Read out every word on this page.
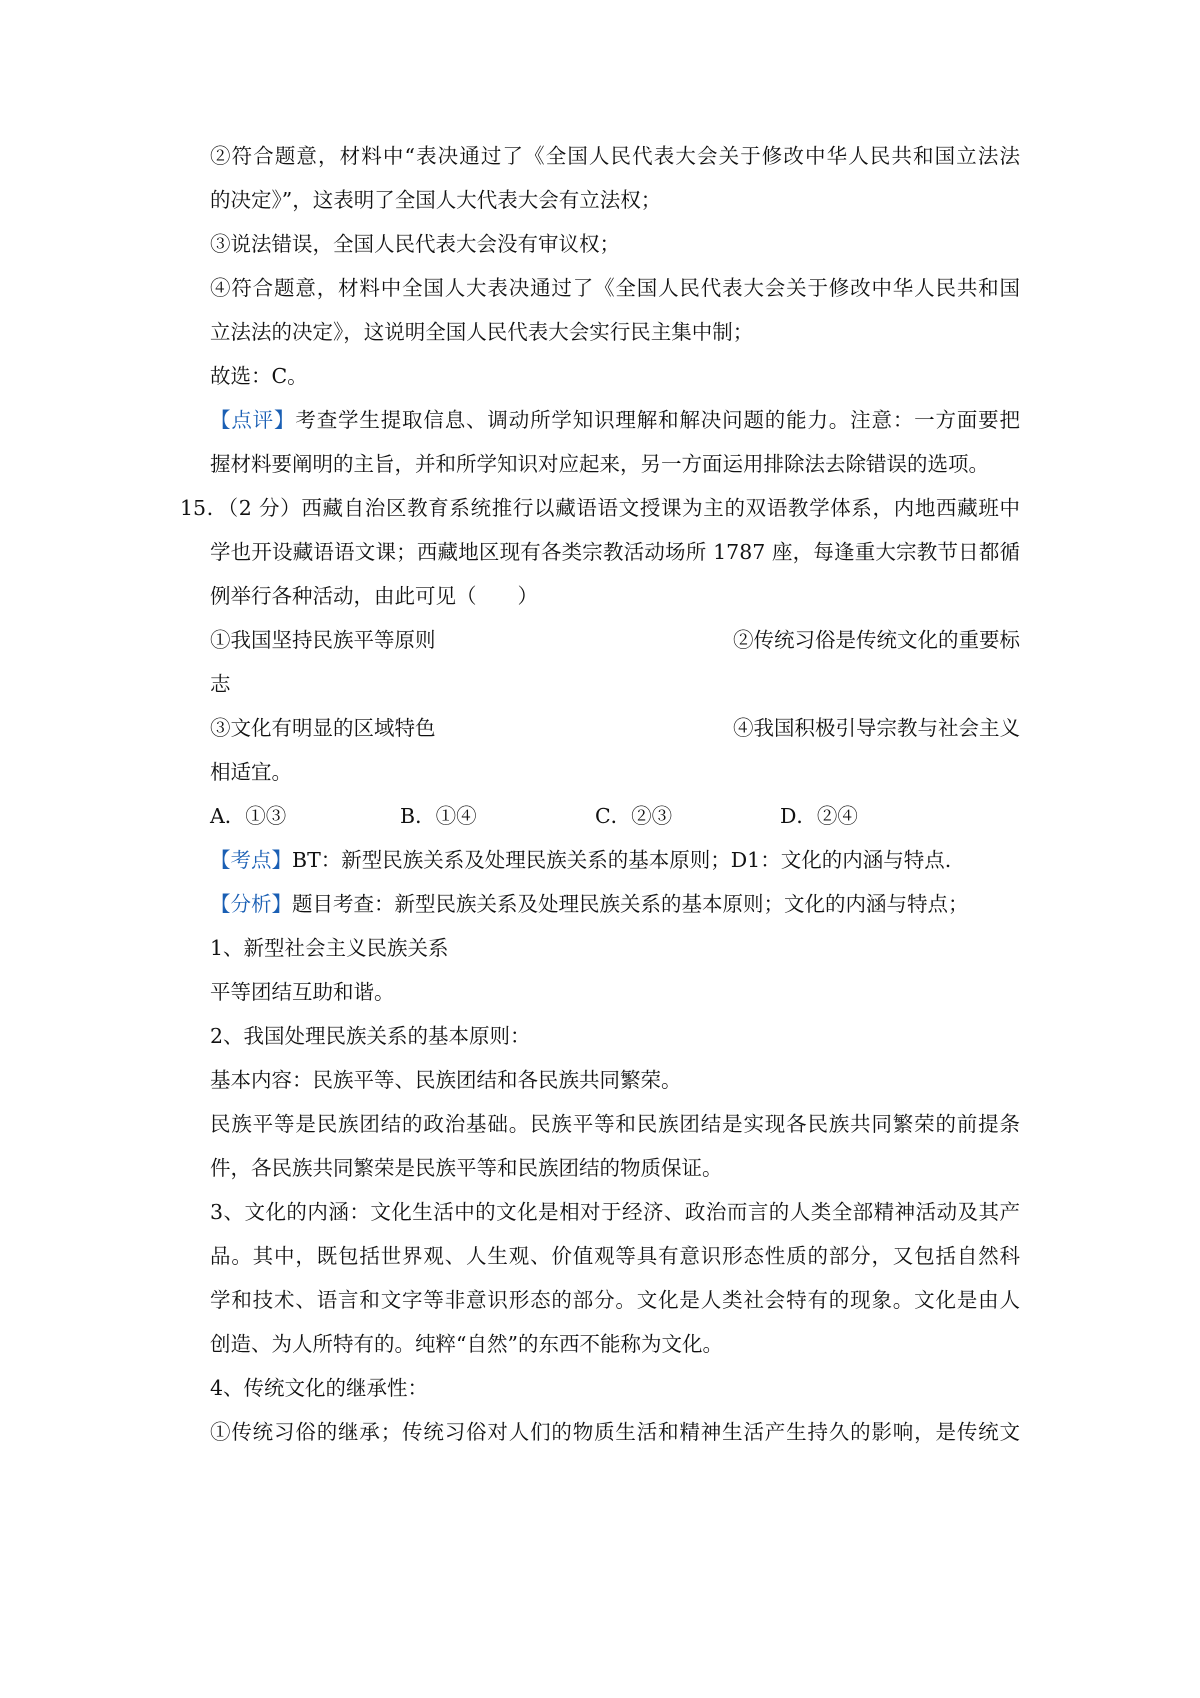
②符合题意，材料中“表决通过了《全国人民代表大会关于修改中华人民共和国立法法
的决定》”，这表明了全国人大代表大会有立法权；
③说法错误，全国人民代表大会没有审议权；
④符合题意，材料中全国人大表决通过了《全国人民代表大会关于修改中华人民共和国
立法法的决定》，这说明全国人民代表大会实行民主集中制；
故选：C。
【点评】考查学生提取信息、调动所学知识理解和解决问题的能力。注意：一方面要把
握材料要阐明的主旨，并和所学知识对应起来，另一方面运用排除法去除错误的选项。
15．（2 分）西藏自治区教育系统推行以藏语语文授课为主的双语教学体系，内地西藏班中
学也开设藏语语文课；西藏地区现有各类宗教活动场所 1787 座，每逢重大宗教节日都循
例举行各种活动，由此可见（　　）
①我国坚持民族平等原则	②传统习俗是传统文化的重要标
志
③文化有明显的区域特色	④我国积极引导宗教与社会主义
相适宜。
A．①③	B．①④	C．②③	D．②④
【考点】BT：新型民族关系及处理民族关系的基本原则；D1：文化的内涵与特点.
【分析】题目考查：新型民族关系及处理民族关系的基本原则；文化的内涵与特点；
1、新型社会主义民族关系
平等团结互助和谐。
2、我国处理民族关系的基本原则：
基本内容：民族平等、民族团结和各民族共同繁荣。
民族平等是民族团结的政治基础。民族平等和民族团结是实现各民族共同繁荣的前提条
件，各民族共同繁荣是民族平等和民族团结的物质保证。
3、文化的内涵：文化生活中的文化是相对于经济、政治而言的人类全部精神活动及其产
品。其中，既包括世界观、人生观、价值观等具有意识形态性质的部分，又包括自然科
学和技术、语言和文字等非意识形态的部分。文化是人类社会特有的现象。文化是由人
创造、为人所特有的。纯粹“自然”的东西不能称为文化。
4、传统文化的继承性：
①传统习俗的继承；传统习俗对人们的物质生活和精神生活产生持久的影响，是传统文
